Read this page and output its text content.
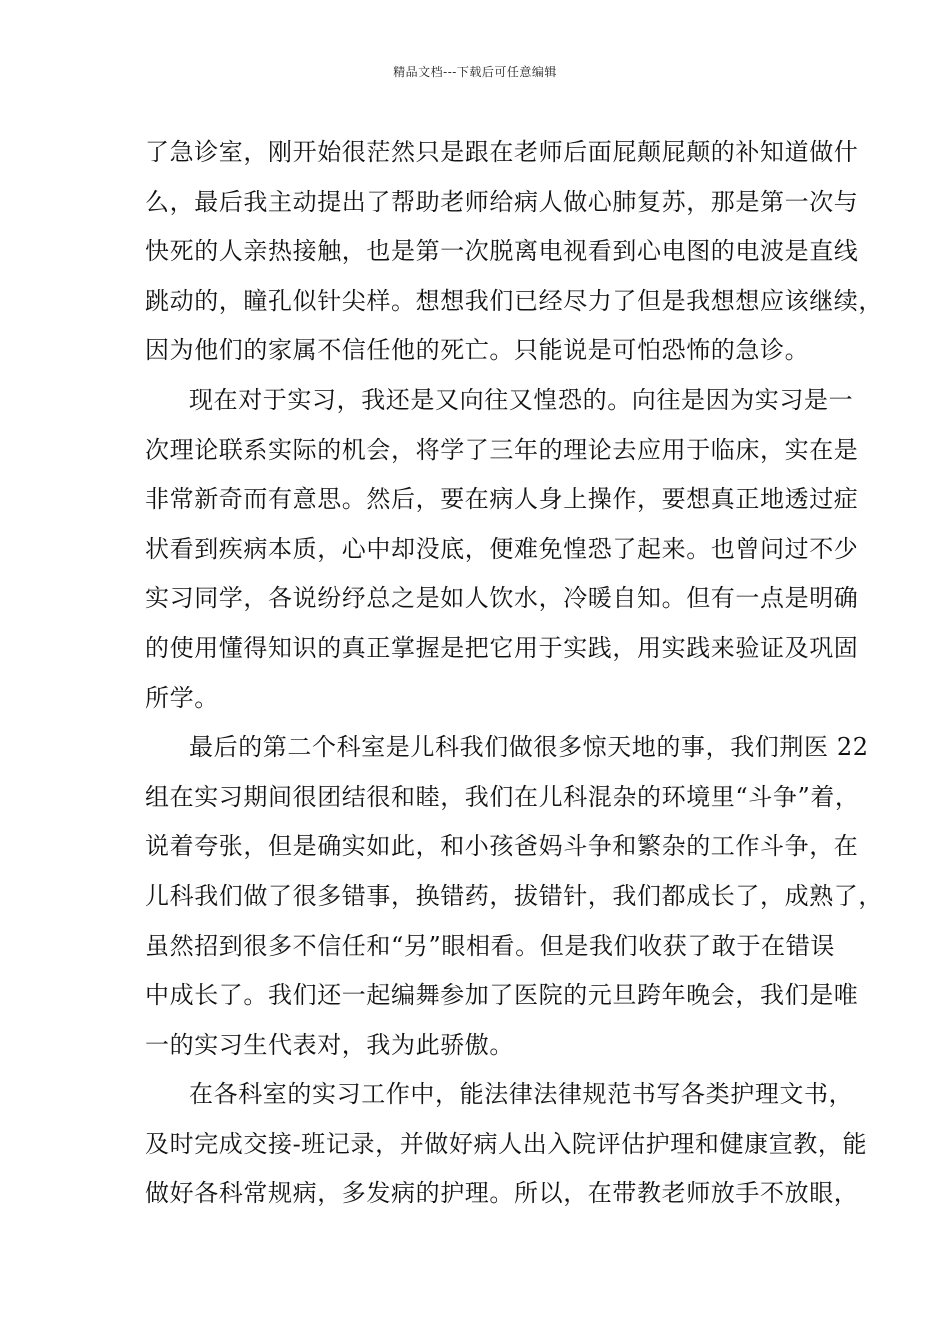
精品文档---下载后可任意编辑

了急诊室，刚开始很茫然只是跟在老师后面屁颠屁颠的补知道做什
么，最后我主动提出了帮助老师给病人做心肺复苏，那是第一次与
快死的人亲热接触，也是第一次脱离电视看到心电图的电波是直线
跳动的，瞳孔似针尖样。想想我们已经尽力了但是我想想应该继续，
因为他们的家属不信任他的死亡。只能说是可怕恐怖的急诊。

现在对于实习，我还是又向往又惶恐的。向往是因为实习是一
次理论联系实际的机会，将学了三年的理论去应用于临床，实在是
非常新奇而有意思。然后，要在病人身上操作，要想真正地透过症
状看到疾病本质，心中却没底，便难免惶恐了起来。也曾问过不少
实习同学，各说纷纾总之是如人饮水，冷暖自知。但有一点是明确
的使用懂得知识的真正掌握是把它用于实践，用实践来验证及巩固
所学。

最后的第二个科室是儿科我们做很多惊天地的事，我们荆医 22
组在实习期间很团结很和睦，我们在儿科混杂的环境里“斗争”着，
说着夸张，但是确实如此，和小孩爸妈斗争和繁杂的工作斗争，在
儿科我们做了很多错事，换错药，拔错针，我们都成长了，成熟了，
虽然招到很多不信任和“另”眼相看。但是我们收获了敢于在错误
中成长了。我们还一起编舞参加了医院的元旦跨年晚会，我们是唯
一的实习生代表对，我为此骄傲。

在各科室的实习工作中，能法律法律规范书写各类护理文书，
及时完成交接-班记录，并做好病人出入院评估护理和健康宣教，能
做好各科常规病，多发病的护理。所以，在带教老师放手不放眼，
